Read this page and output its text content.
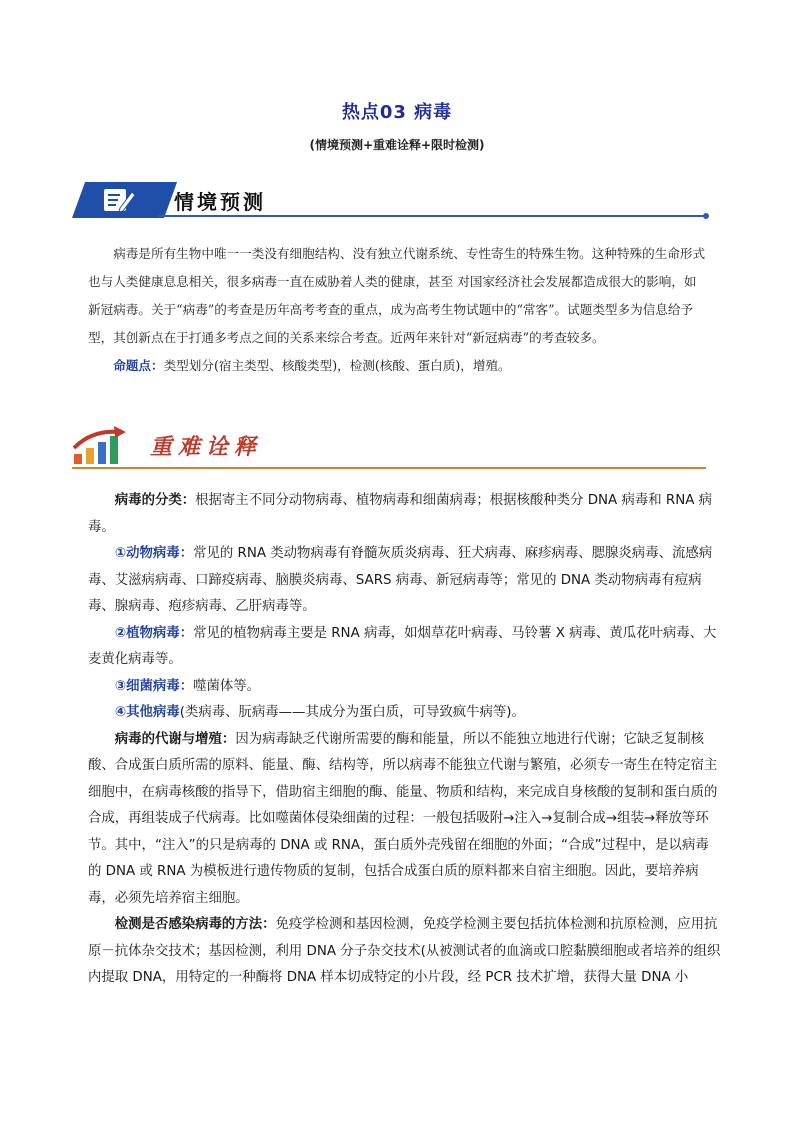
热点03 病毒
(情境预测+重难诠释+限时检测)
情境预测

病毒是所有生物中唯一一类没有细胞结构、没有独立代谢系统、专性寄生的特殊生物。这种特殊的生命形式也与人类健康息息相关，很多病毒一直在威胁着人类的健康，甚至 对国家经济社会发展都造成很大的影响，如新冠病毒。关于“病毒”的考查是历年高考考查的重点，成为高考生物试题中的“常客”。试题类型多为信息给予型，其创新点在于打通多考点之间的关系来综合考查。近两年来针对“新冠病毒”的考查较多。

命题点：类型划分(宿主类型、核酸类型)，检测(核酸、蛋白质)，增殖。

重难诠释

病毒的分类：根据寄主不同分动物病毒、植物病毒和细菌病毒；根据核酸种类分 DNA 病毒和 RNA 病毒。

①动物病毒：常见的 RNA 类动物病毒有脊髓灰质炎病毒、狂犬病毒、麻疹病毒、腮腺炎病毒、流感病毒、艾滋病病毒、口蹄疫病毒、脑膜炎病毒、SARS 病毒、新冠病毒等；常见的 DNA 类动物病毒有痘病毒、腺病毒、疱疹病毒、乙肝病毒等。

②植物病毒：常见的植物病毒主要是 RNA 病毒，如烟草花叶病毒、马铃薯 X 病毒、黄瓜花叶病毒、大麦黄化病毒等。

③细菌病毒：噬菌体等。

④其他病毒(类病毒、朊病毒——其成分为蛋白质，可导致疯牛病等)。

病毒的代谢与增殖：因为病毒缺乏代谢所需要的酶和能量，所以不能独立地进行代谢；它缺乏复制核酸、合成蛋白质所需的原料、能量、酶、结构等，所以病毒不能独立代谢与繁殖，必须专一寄生在特定宿主细胞中，在病毒核酸的指导下，借助宿主细胞的酶、能量、物质和结构，来完成自身核酸的复制和蛋白质的合成，再组装成子代病毒。比如噬菌体侵染细菌的过程：一般包括吸附→注入→复制合成→组装→释放等环节。其中，“注入”的只是病毒的 DNA 或 RNA，蛋白质外壳残留在细胞的外面；“合成”过程中，是以病毒的 DNA 或 RNA 为模板进行遗传物质的复制，包括合成蛋白质的原料都来自宿主细胞。因此，要培养病毒，必须先培养宿主细胞。

检测是否感染病毒的方法：免疫学检测和基因检测，免疫学检测主要包括抗体检测和抗原检测，应用抗原－抗体杂交技术；基因检测，利用 DNA 分子杂交技术(从被测试者的血滴或口腔黏膜细胞或者培养的组织内提取 DNA，用特定的一种酶将 DNA 样本切成特定的小片段，经 PCR 技术扩增，获得大量 DNA 小
